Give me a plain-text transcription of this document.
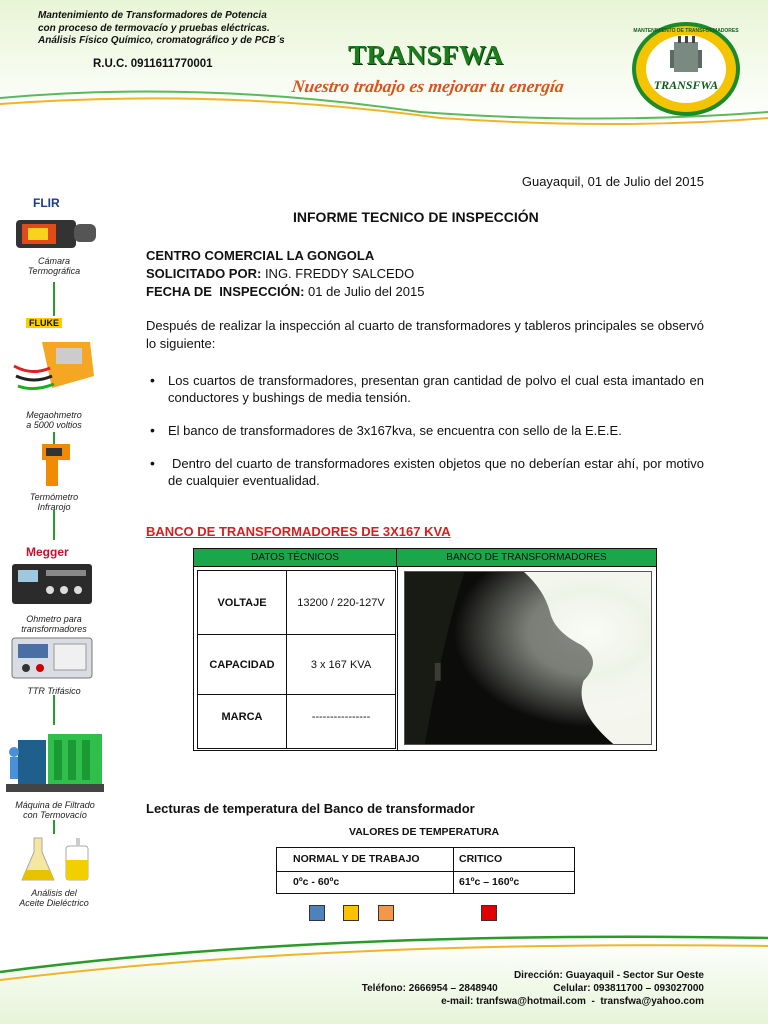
Mantenimiento de Transformadores de Potencia
con proceso de termovacío y pruebas eléctricas.
Análisis Físico Químico, cromatográfico y de PCB´s
R.U.C. 0911611770001	TRANSFWA
Nuestro trabajo es mejorar tu energía	TRANSFWA
MANTENIMIENTO DE TRANSFORMADORES
FLIR
Cámara
Termográfica
FLUKE
Megaohmetro
a 5000 voltios
Termómetro
Infrarojo
Megger
Ohmetro para
transformadores
TTR Trifásico
Máquina de Filtrado
con Termovacío
Análisis del
Aceite Dieléctrico
Guayaquil, 01 de Julio del 2015
INFORME TECNICO DE INSPECCIÓN
CENTRO COMERCIAL LA GONGOLA
SOLICITADO POR: ING. FREDDY SALCEDO
FECHA DE  INSPECCIÓN: 01 de Julio del 2015
Después de realizar la inspección al cuarto de transformadores y tableros principales se observó lo siguiente:
• Los cuartos de transformadores, presentan gran cantidad de polvo el cual esta imantado en conductores y bushings de media tensión.
• El banco de transformadores de 3x167kva, se encuentra con sello de la E.E.E.
•  Dentro del cuarto de transformadores existen objetos que no deberían estar ahí, por motivo de cualquier eventualidad.
BANCO DE TRANSFORMADORES DE 3X167 KVA
DATOS TÉCNICOS	BANCO DE TRANSFORMADORES
VOLTAJE	13200 / 220-127V
CAPACIDAD	3 x 167 KVA
MARCA	----------------
Lecturas de temperatura del Banco de transformador
VALORES DE TEMPERATURA
NORMAL Y DE TRABAJO	CRITICO
0ºc - 60ºc	61ºc – 160ºc
Dirección: Guayaquil - Sector Sur Oeste
Teléfono: 2666954 – 2848940                    Celular: 093811700 – 093027000
e-mail: tranfswa@hotmail.com  -  transfwa@yahoo.com
